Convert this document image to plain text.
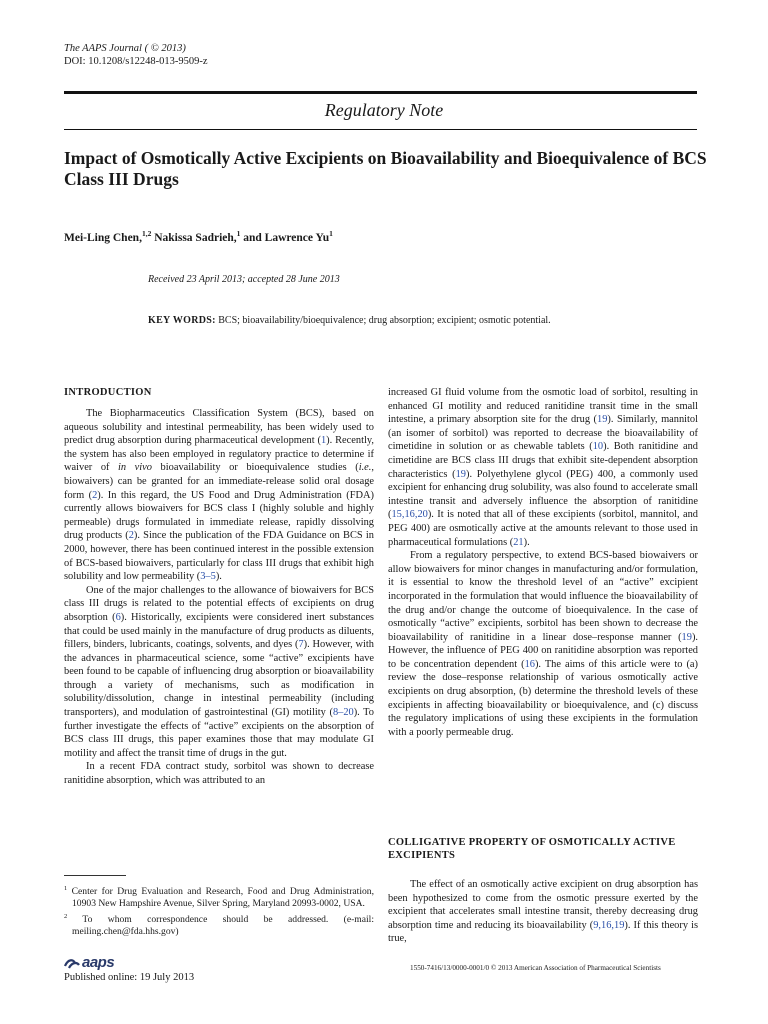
The AAPS Journal ( © 2013)
DOI: 10.1208/s12248-013-9509-z
Regulatory Note
Impact of Osmotically Active Excipients on Bioavailability and Bioequivalence of BCS Class III Drugs
Mei-Ling Chen,$^{1,2}$ Nakissa Sadrieh,$^1$ and Lawrence Yu$^1$
Received 23 April 2013; accepted 28 June 2013
KEY WORDS: BCS; bioavailability/bioequivalence; drug absorption; excipient; osmotic potential.
INTRODUCTION

The Biopharmaceutics Classification System (BCS), based on aqueous solubility and intestinal permeability, has been widely used to predict drug absorption during pharmaceutical development (1). Recently, the system has also been employed in regulatory practice to determine if waiver of in vivo bioavailability or bioequivalence studies (i.e., biowaivers) can be granted for an immediate-release solid oral dosage form (2). In this regard, the US Food and Drug Administration (FDA) currently allows biowaivers for BCS class I (highly soluble and highly permeable) drugs formulated in immediate release, rapidly dissolving drug products (2). Since the publication of the FDA Guidance on BCS in 2000, however, there has been continued interest in the possible extension of BCS-based biowaivers, particularly for class III drugs that exhibit high solubility and low permeability (3–5).

One of the major challenges to the allowance of biowaivers for BCS class III drugs is related to the potential effects of excipients on drug absorption (6). Historically, excipients were considered inert substances that could be used mainly in the manufacture of drug products as diluents, fillers, binders, lubricants, coatings, solvents, and dyes (7). However, with the advances in pharmaceutical science, some “active” excipients have been found to be capable of influencing drug absorption or bioavailability through a variety of mechanisms, such as modification in solubility/dissolution, change in intestinal permeability (including transporters), and modulation of gastrointestinal (GI) motility (8–20). To further investigate the effects of “active” excipients on the absorption of BCS class III drugs, this paper examines those that may modulate GI motility and affect the transit time of drugs in the gut.

In a recent FDA contract study, sorbitol was shown to decrease ranitidine absorption, which was attributed to an

increased GI fluid volume from the osmotic load of sorbitol, resulting in enhanced GI motility and reduced ranitidine transit time in the small intestine, a primary absorption site for the drug (19). Similarly, mannitol (an isomer of sorbitol) was reported to decrease the bioavailability of cimetidine in solution or as chewable tablets (10). Both ranitidine and cimetidine are BCS class III drugs that exhibit site-dependent absorption characteristics (19). Polyethylene glycol (PEG) 400, a commonly used excipient for enhancing drug solubility, was also found to accelerate small intestine transit and adversely influence the absorption of ranitidine (15,16,20). It is noted that all of these excipients (sorbitol, mannitol, and PEG 400) are osmotically active at the amounts relevant to those used in pharmaceutical formulations (21).

From a regulatory perspective, to extend BCS-based biowaivers or allow biowaivers for minor changes in manufacturing and/or formulation, it is essential to know the threshold level of an “active” excipient incorporated in the formulation that would influence the bioavailability of the drug and/or change the outcome of bioequivalence. In the case of osmotically “active” excipients, sorbitol has been shown to decrease the bioavailability of ranitidine in a linear dose–response manner (19). However, the influence of PEG 400 on ranitidine absorption was reported to be concentration dependent (16). The aims of this article were to (a) review the dose–response relationship of various osmotically active excipients on drug absorption, (b) determine the threshold levels of these excipients in affecting bioavailability or bioequivalence, and (c) discuss the regulatory implications of using these excipients in the formulation with a poorly permeable drug.

COLLIGATIVE PROPERTY OF OSMOTICALLY ACTIVE EXCIPIENTS

The effect of an osmotically active excipient on drug absorption has been hypothesized to come from the osmotic pressure exerted by the excipient that accelerates small intestine transit, thereby decreasing drug absorption time and reducing its bioavailability (9,16,19). If this theory is true,

$^1$ Center for Drug Evaluation and Research, Food and Drug Administration, 10903 New Hampshire Avenue, Silver Spring, Maryland 20993-0002, USA.
$^2$ To whom correspondence should be addressed. (e-mail: meiling.chen@fda.hhs.gov)
aaps
Published online: 19 July 2013
1550-7416/13/0000-0001/0 © 2013 American Association of Pharmaceutical Scientists
